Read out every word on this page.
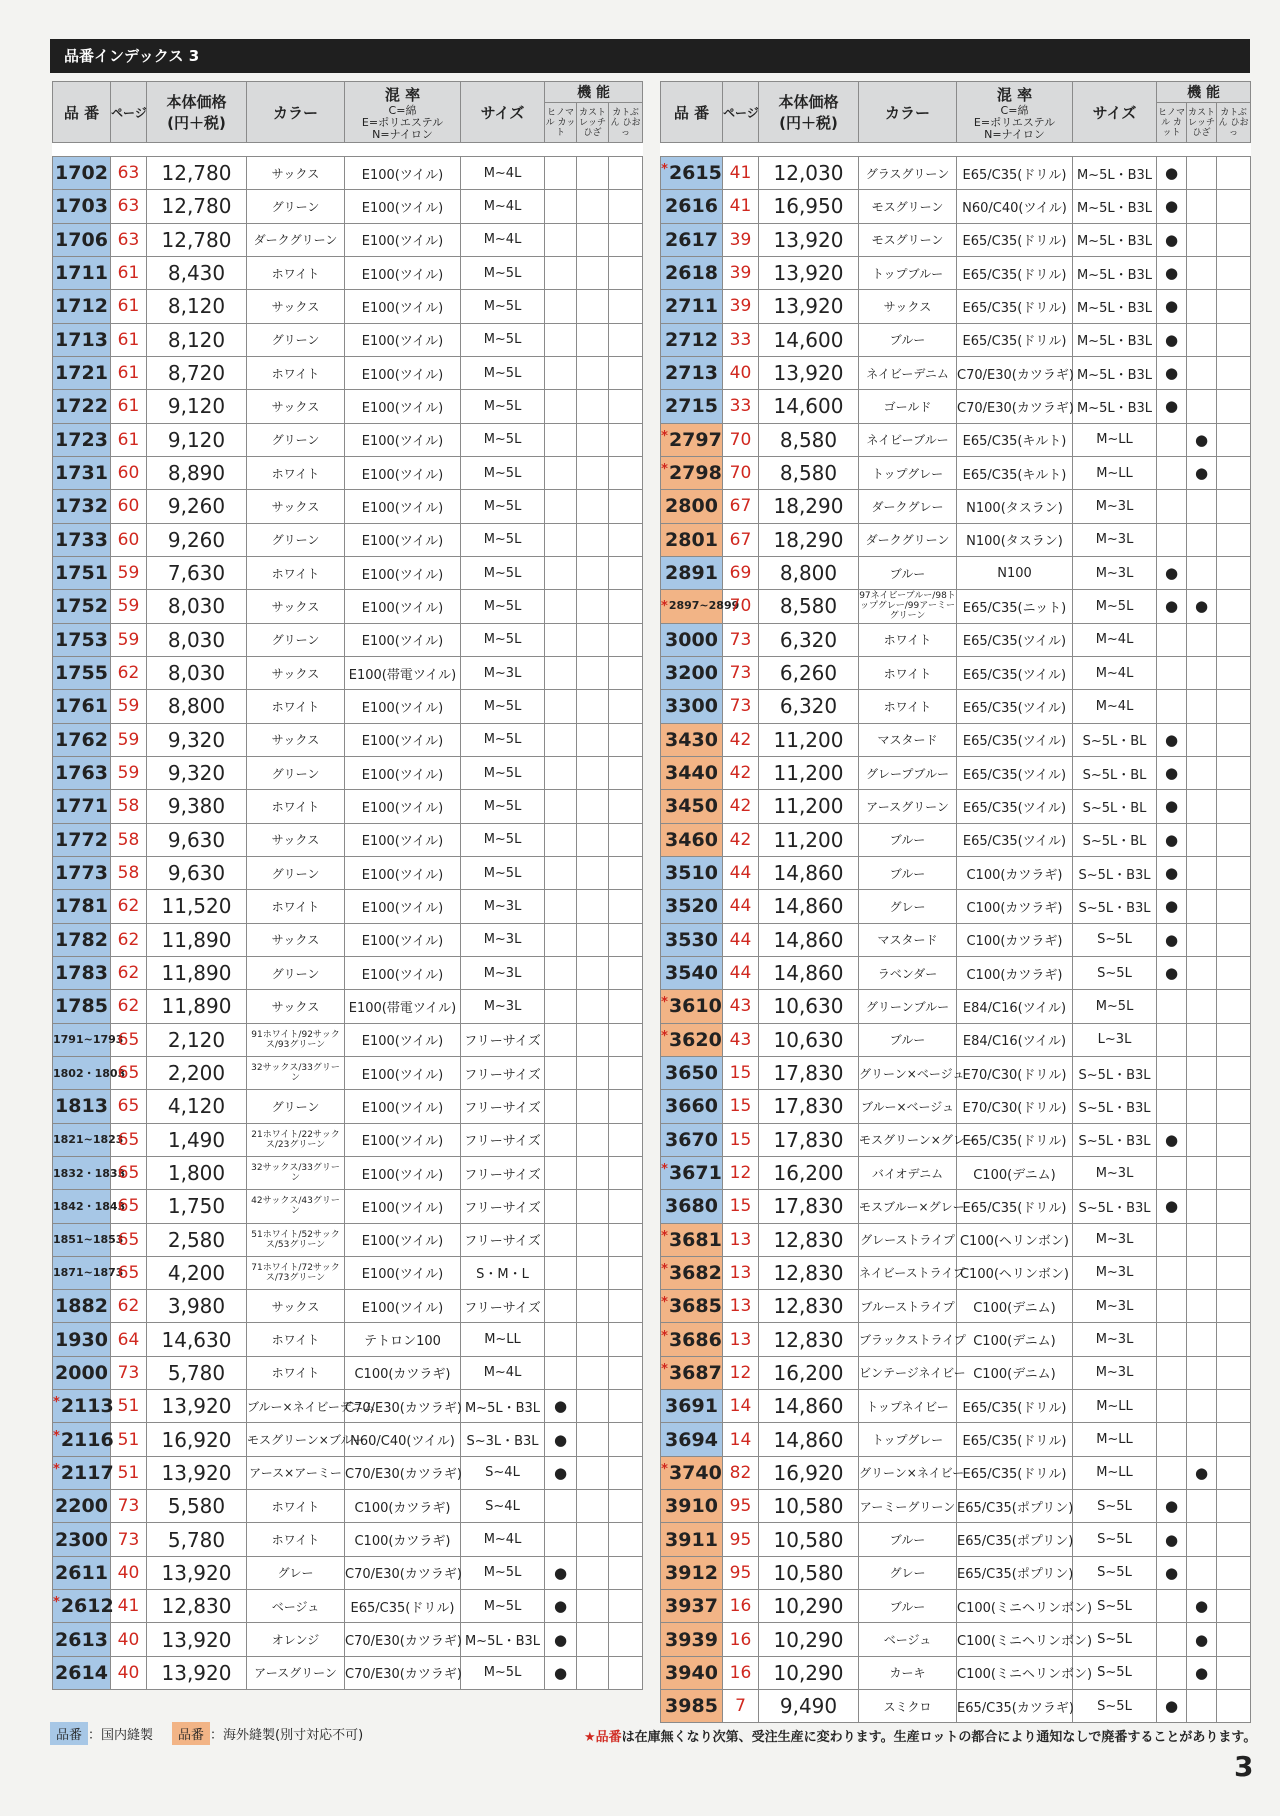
品番インデックス 3
品 番	ページ	本体価格
(円＋税)	カラー	混 率
C=綿
E=ポリエステル
N=ナイロン	サイズ	機 能		
						ヒノマル カット	カストレッチ ひざ	カトぶん ひおっ

1702	63	12,780	サックス	E100(ツイル)	M~4L			
1703	63	12,780	グリーン	E100(ツイル)	M~4L			
1706	63	12,780	ダークグリーン	E100(ツイル)	M~4L			
1711	61	8,430	ホワイト	E100(ツイル)	M~5L			
1712	61	8,120	サックス	E100(ツイル)	M~5L			
1713	61	8,120	グリーン	E100(ツイル)	M~5L			
1721	61	8,720	ホワイト	E100(ツイル)	M~5L			
1722	61	9,120	サックス	E100(ツイル)	M~5L			
1723	61	9,120	グリーン	E100(ツイル)	M~5L			
1731	60	8,890	ホワイト	E100(ツイル)	M~5L			
1732	60	9,260	サックス	E100(ツイル)	M~5L			
1733	60	9,260	グリーン	E100(ツイル)	M~5L			
1751	59	7,630	ホワイト	E100(ツイル)	M~5L			
1752	59	8,030	サックス	E100(ツイル)	M~5L			
1753	59	8,030	グリーン	E100(ツイル)	M~5L			
1755	62	8,030	サックス	E100(帯電ツイル)	M~3L			
1761	59	8,800	ホワイト	E100(ツイル)	M~5L			
1762	59	9,320	サックス	E100(ツイル)	M~5L			
1763	59	9,320	グリーン	E100(ツイル)	M~5L			
1771	58	9,380	ホワイト	E100(ツイル)	M~5L			
1772	58	9,630	サックス	E100(ツイル)	M~5L			
1773	58	9,630	グリーン	E100(ツイル)	M~5L			
1781	62	11,520	ホワイト	E100(ツイル)	M~3L			
1782	62	11,890	サックス	E100(ツイル)	M~3L			
1783	62	11,890	グリーン	E100(ツイル)	M~3L			
1785	62	11,890	サックス	E100(帯電ツイル)	M~3L			
1791~1793	65	2,120	91ホワイト/92サックス/93グリーン	E100(ツイル)	フリーサイズ			
1802・1803	65	2,200	32サックス/33グリーン	E100(ツイル)	フリーサイズ			
1813	65	4,120	グリーン	E100(ツイル)	フリーサイズ			
1821~1823	65	1,490	21ホワイト/22サックス/23グリーン	E100(ツイル)	フリーサイズ			
1832・1833	65	1,800	32サックス/33グリーン	E100(ツイル)	フリーサイズ			
1842・1843	65	1,750	42サックス/43グリーン	E100(ツイル)	フリーサイズ			
1851~1853	65	2,580	51ホワイト/52サックス/53グリーン	E100(ツイル)	フリーサイズ			
1871~1873	65	4,200	71ホワイト/72サックス/73グリーン	E100(ツイル)	S・M・L			
1882	62	3,980	サックス	E100(ツイル)	フリーサイズ			
1930	64	14,630	ホワイト	テトロン100	M~LL			
2000	73	5,780	ホワイト	C100(カツラギ)	M~4L			
*2113	51	13,920	ブルー×ネイビーデニム	C70/E30(カツラギ)	M~5L・B3L	●		
*2116	51	16,920	モスグリーン×ブルー	N60/C40(ツイル)	S~3L・B3L	●		
*2117	51	13,920	アース×アーミー	C70/E30(カツラギ)	S~4L	●		
2200	73	5,580	ホワイト	C100(カツラギ)	S~4L			
2300	73	5,780	ホワイト	C100(カツラギ)	M~4L			
2611	40	13,920	グレー	C70/E30(カツラギ)	M~5L	●		
*2612	41	12,830	ベージュ	E65/C35(ドリル)	M~5L	●		
2613	40	13,920	オレンジ	C70/E30(カツラギ)	M~5L・B3L	●		
2614	40	13,920	アースグリーン	C70/E30(カツラギ)	M~5L	●		
品 番	ページ	本体価格
(円＋税)	カラー	混 率
C=綿
E=ポリエステル
N=ナイロン	サイズ	機 能		
						ヒノマル カット	カストレッチ ひざ	カトぶん ひおっ

*2615	41	12,030	グラスグリーン	E65/C35(ドリル)	M~5L・B3L	●		
2616	41	16,950	モスグリーン	N60/C40(ツイル)	M~5L・B3L	●		
2617	39	13,920	モスグリーン	E65/C35(ドリル)	M~5L・B3L	●		
2618	39	13,920	トップブルー	E65/C35(ドリル)	M~5L・B3L	●		
2711	39	13,920	サックス	E65/C35(ドリル)	M~5L・B3L	●		
2712	33	14,600	ブルー	E65/C35(ドリル)	M~5L・B3L	●		
2713	40	13,920	ネイビーデニム	C70/E30(カツラギ)	M~5L・B3L	●		
2715	33	14,600	ゴールド	C70/E30(カツラギ)	M~5L・B3L	●		
*2797	70	8,580	ネイビーブルー	E65/C35(キルト)	M~LL		●	
*2798	70	8,580	トップグレー	E65/C35(キルト)	M~LL		●	
2800	67	18,290	ダークグレー	N100(タスラン)	M~3L			
2801	67	18,290	ダークグリーン	N100(タスラン)	M~3L			
2891	69	8,800	ブルー	N100	M~3L	●		
*2897~2899	70	8,580	97ネイビーブルー/98トップグレー/99アーミーグリーン	E65/C35(ニット)	M~5L	●	●	
3000	73	6,320	ホワイト	E65/C35(ツイル)	M~4L			
3200	73	6,260	ホワイト	E65/C35(ツイル)	M~4L			
3300	73	6,320	ホワイト	E65/C35(ツイル)	M~4L			
3430	42	11,200	マスタード	E65/C35(ツイル)	S~5L・BL	●		
3440	42	11,200	グレープブルー	E65/C35(ツイル)	S~5L・BL	●		
3450	42	11,200	アースグリーン	E65/C35(ツイル)	S~5L・BL	●		
3460	42	11,200	ブルー	E65/C35(ツイル)	S~5L・BL	●		
3510	44	14,860	ブルー	C100(カツラギ)	S~5L・B3L	●		
3520	44	14,860	グレー	C100(カツラギ)	S~5L・B3L	●		
3530	44	14,860	マスタード	C100(カツラギ)	S~5L	●		
3540	44	14,860	ラベンダー	C100(カツラギ)	S~5L	●		
*3610	43	10,630	グリーンブルー	E84/C16(ツイル)	M~5L			
*3620	43	10,630	ブルー	E84/C16(ツイル)	L~3L			
3650	15	17,830	グリーン×ベージュ	E70/C30(ドリル)	S~5L・B3L			
3660	15	17,830	ブルー×ベージュ	E70/C30(ドリル)	S~5L・B3L			
3670	15	17,830	モスグリーン×グレー	E65/C35(ドリル)	S~5L・B3L	●		
*3671	12	16,200	バイオデニム	C100(デニム)	M~3L			
3680	15	17,830	モスブルー×グレー	E65/C35(ドリル)	S~5L・B3L	●		
*3681	13	12,830	グレーストライプ	C100(ヘリンボン)	M~3L			
*3682	13	12,830	ネイビーストライプ	C100(ヘリンボン)	M~3L			
*3685	13	12,830	ブルーストライプ	C100(デニム)	M~3L			
*3686	13	12,830	ブラックストライプ	C100(デニム)	M~3L			
*3687	12	16,200	ビンテージネイビー	C100(デニム)	M~3L			
3691	14	14,860	トップネイビー	E65/C35(ドリル)	M~LL			
3694	14	14,860	トップグレー	E65/C35(ドリル)	M~LL			
*3740	82	16,920	グリーン×ネイビー	E65/C35(ドリル)	M~LL		●	
3910	95	10,580	アーミーグリーン	E65/C35(ポプリン)	S~5L	●		
3911	95	10,580	ブルー	E65/C35(ポプリン)	S~5L	●		
3912	95	10,580	グレー	E65/C35(ポプリン)	S~5L	●		
3937	16	10,290	ブルー	C100(ミニヘリンボン)	S~5L		●	
3939	16	10,290	ベージュ	C100(ミニヘリンボン)	S~5L		●	
3940	16	10,290	カーキ	C100(ミニヘリンボン)	S~5L		●	
3985	7	9,490	スミクロ	E65/C35(カツラギ)	S~5L	●		
品番 ：国内縫製	品番 ：海外縫製(別寸対応不可)	★品番は在庫無くなり次第、受注生産に変わります。生産ロットの都合により通知なしで廃番することがあります。
3
